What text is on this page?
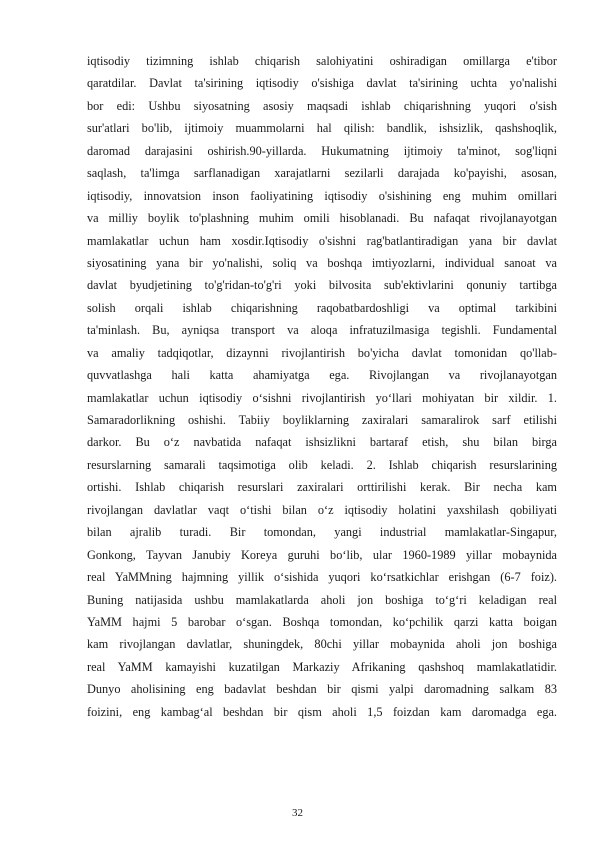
iqtisodiy tizimning ishlab chiqarish salohiyatini oshiradigan omillarga e'tibor
qaratdilar. Davlat ta'sirining iqtisodiy o'sishiga davlat ta'sirining uchta yo'nalishi
bor edi: Ushbu siyosatning asosiy maqsadi ishlab chiqarishning yuqori o'sish
sur'atlari bo'lib, ijtimoiy muammolarni hal qilish: bandlik, ishsizlik, qashshoqlik,
daromad darajasini oshirish.90-yillarda. Hukumatning ijtimoiy ta'minot, sog'liqni
saqlash, ta'limga sarflanadigan xarajatlarni sezilarli darajada ko'payishi, asosan,
iqtisodiy, innovatsion inson faoliyatining iqtisodiy o'sishining eng muhim omillari
va milliy boylik to'plashning muhim omili hisoblanadi. Bu nafaqat rivojlanayotgan
mamlakatlar uchun ham xosdir.Iqtisodiy o'sishni rag'batlantiradigan yana bir davlat
siyosatining yana bir yo'nalishi, soliq va boshqa imtiyozlarni, individual sanoat va
davlat byudjetining to'g'ridan-to'g'ri yoki bilvosita sub'ektivlarini qonuniy tartibga
solish orqali ishlab chiqarishning raqobatbardoshligi va optimal tarkibini
ta'minlash. Bu, ayniqsa transport va aloqa infratuzilmasiga tegishli. Fundamental
va amaliy tadqiqotlar, dizaynni rivojlantirish bo'yicha davlat tomonidan qo'llab-
quvvatlashga hali katta ahamiyatga ega. Rivojlangan va rivojlanayotgan
mamlakatlar uchun iqtisodiy o‘sishni rivojlantirish yo‘llari mohiyatan bir xildir. 1.
Samaradorlikning oshishi. Tabiiy boyliklarning zaxiralari samaralirok sarf etilishi
darkor. Bu o‘z navbatida nafaqat ishsizlikni bartaraf etish, shu bilan birga
resurslarning samarali taqsimotiga olib keladi. 2. Ishlab chiqarish resurslarining
ortishi. Ishlab chiqarish resurslari zaxiralari orttirilishi kerak. Bir necha kam
rivojlangan davlatlar vaqt o‘tishi bilan o‘z iqtisodiy holatini yaxshilash qobiliyati
bilan ajralib turadi. Bir tomondan, yangi industrial mamlakatlar-Singapur,
Gonkong, Tayvan Janubiy Koreya guruhi bo‘lib, ular 1960-1989 yillar mobaynida
real YaMMning hajmning yillik o‘sishida yuqori ko‘rsatkichlar erishgan (6-7 foiz).
Buning natijasida ushbu mamlakatlarda aholi jon boshiga to‘g‘ri keladigan real
YaMM hajmi 5 barobar o‘sgan. Boshqa tomondan, ko‘pchilik qarzi katta boigan
kam rivojlangan davlatlar, shuningdek, 80chi yillar mobaynida aholi jon boshiga
real YaMM kamayishi kuzatilgan Markaziy Afrikaning qashshoq mamlakatlatidir.
Dunyo aholisining eng badavlat beshdan bir qismi yalpi daromadning salkam 83
foizini, eng kambag‘al beshdan bir qism aholi 1,5 foizdan kam daromadga ega.
32
